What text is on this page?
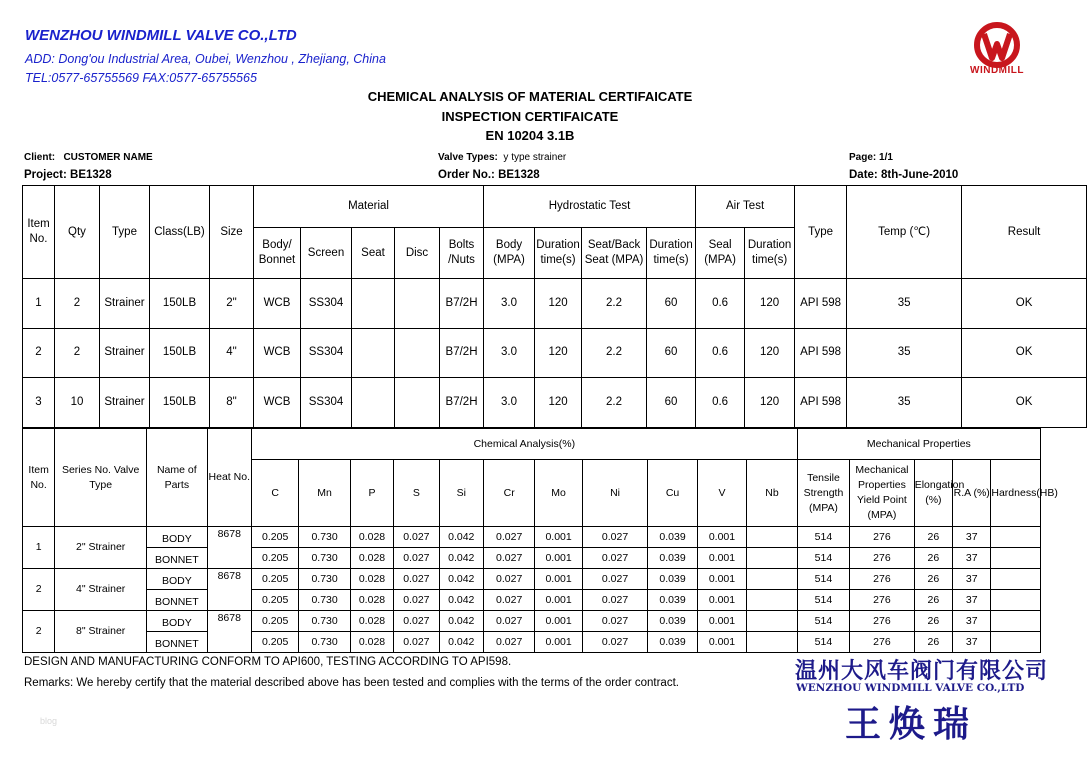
WENZHOU WINDMILL VALVE CO.,LTD
ADD: Dong'ou Industrial Area, Oubei, Wenzhou , Zhejiang, China
TEL:0577-65755569 FAX:0577-65755565
WINDMILL
CHEMICAL ANALYSIS OF MATERIAL CERTIFAICATE
INSPECTION CERTIFAICATE
EN 10204 3.1B
Client: CUSTOMER NAME	Valve Types: y type strainer	Page: 1/1
Project: BE1328	Order No.: BE1328	Date: 8th-June-2010
Item No.	Qty	Type	Class(LB)	Size	Material					Hydrostatic Test				Air Test		Type	Temp (℃)	Result
					Body/ Bonnet	Screen	Seat	Disc	Bolts /Nuts	Body (MPA)	Duration time(s)	Seat/Back Seat (MPA)	Duration time(s)	Seal (MPA)	Duration time(s)			
1	2	Strainer	150LB	2"	WCB	SS304			B7/2H	3.0	120	2.2	60	0.6	120	API 598	35	OK
2	2	Strainer	150LB	4"	WCB	SS304			B7/2H	3.0	120	2.2	60	0.6	120	API 598	35	OK
3	10	Strainer	150LB	8"	WCB	SS304			B7/2H	3.0	120	2.2	60	0.6	120	API 598	35	OK
Item No.	Series No. Valve Type	Name of Parts	Heat No.	Chemical Analysis(%)											Mechanical Properties				
				C	Mn	P	S	Si	Cr	Mo	Ni	Cu	V	Nb	Tensile Strength (MPA)	Mechanical Properties Yield Point (MPA)	Elongation (%)	R.A (%)	Hardness(HB)
1	2" Strainer	BODY	8678	0.205	0.730	0.028	0.027	0.042	0.027	0.001	0.027	0.039	0.001		514	276	26	37	
		BONNET		0.205	0.730	0.028	0.027	0.042	0.027	0.001	0.027	0.039	0.001		514	276	26	37	
2	4" Strainer	BODY	8678	0.205	0.730	0.028	0.027	0.042	0.027	0.001	0.027	0.039	0.001		514	276	26	37	
		BONNET		0.205	0.730	0.028	0.027	0.042	0.027	0.001	0.027	0.039	0.001		514	276	26	37	
2	8" Strainer	BODY	8678	0.205	0.730	0.028	0.027	0.042	0.027	0.001	0.027	0.039	0.001		514	276	26	37	
		BONNET		0.205	0.730	0.028	0.027	0.042	0.027	0.001	0.027	0.039	0.001		514	276	26	37	
DESIGN AND MANUFACTURING CONFORM TO API600, TESTING ACCORDING TO API598.
Remarks: We hereby certify that the material described above has been tested and complies with the terms of the order contract.	温州大风车阀门有限公司
WENZHOU WINDMILL VALVE CO.,LTD
王焕瑞
blog
